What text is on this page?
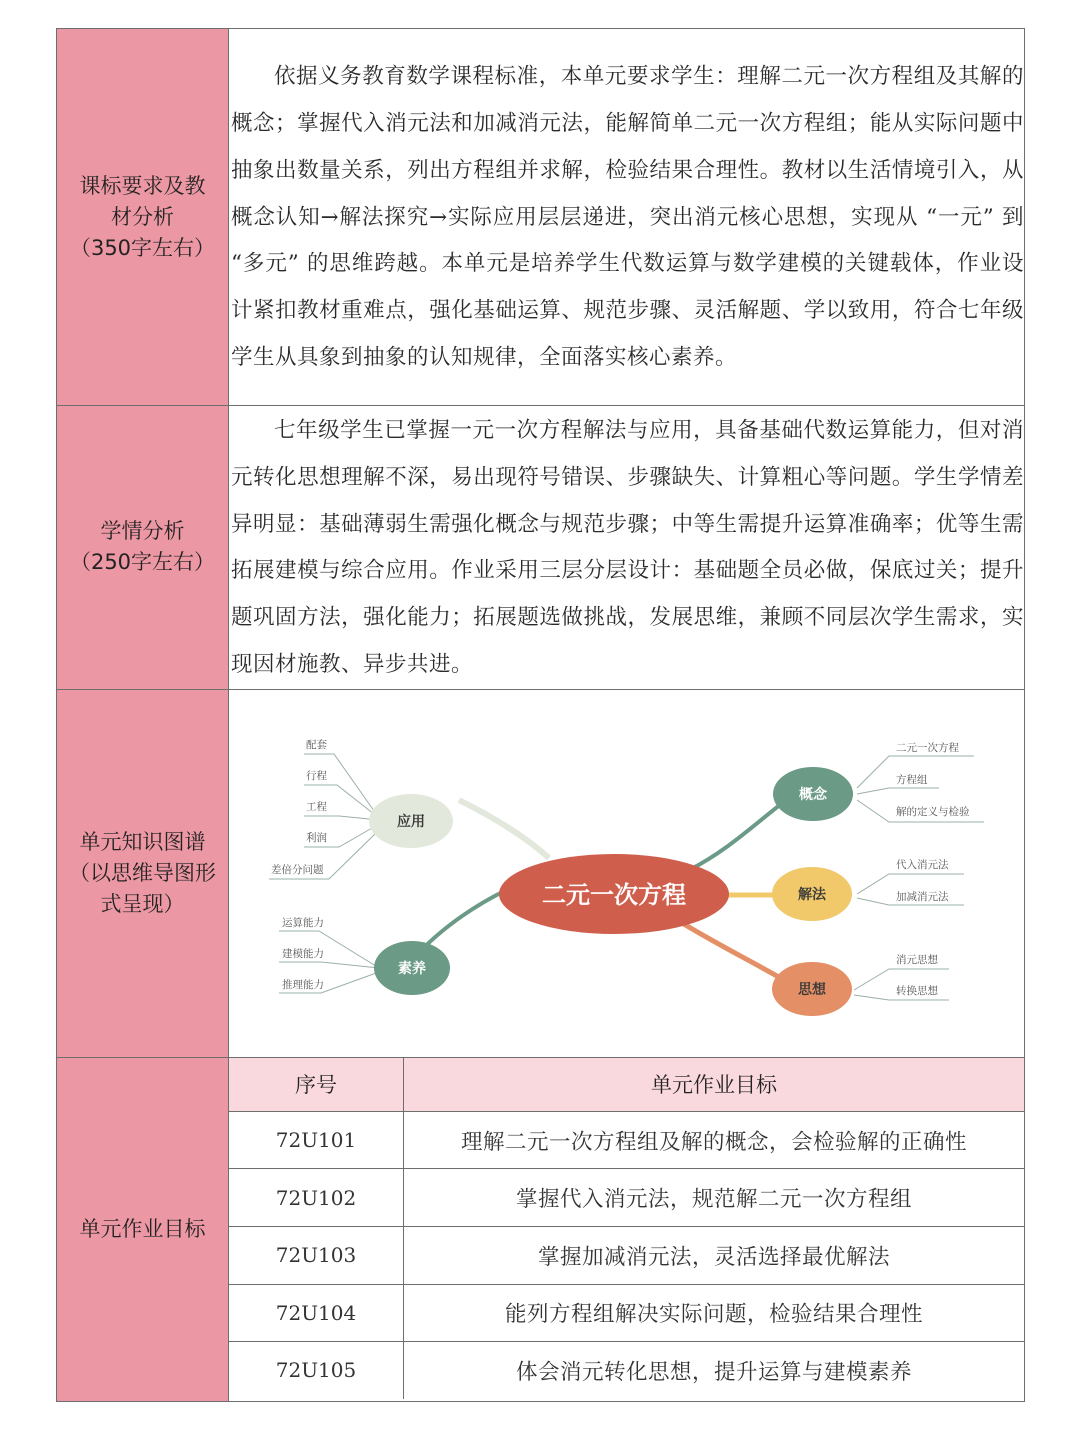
课标要求及教
材分析
（350字左右）

依据义务教育数学课程标准，本单元要求学生：理解二元一次方程组及其解的概念；掌握代入消元法和加减消元法，能解简单二元一次方程组；能从实际问题中抽象出数量关系，列出方程组并求解，检验结果合理性。教材以生活情境引入，从概念认知→解法探究→实际应用层层递进，突出消元核心思想，实现从 “一元” 到 “多元” 的思维跨越。本单元是培养学生代数运算与数学建模的关键载体，作业设计紧扣教材重难点，强化基础运算、规范步骤、灵活解题、学以致用，符合七年级学生从具象到抽象的认知规律，全面落实核心素养。

学情分析
（250字左右）

七年级学生已掌握一元一次方程解法与应用，具备基础代数运算能力，但对消元转化思想理解不深，易出现符号错误、步骤缺失、计算粗心等问题。学生学情差异明显：基础薄弱生需强化概念与规范步骤；中等生需提升运算准确率；优等生需拓展建模与综合应用。作业采用三层分层设计：基础题全员必做，保底过关；提升题巩固方法，强化能力；拓展题选做挑战，发展思维，兼顾不同层次学生需求，实现因材施教、异步共进。

单元知识图谱
（以思维导图形
式呈现）

配套
行程
工程
利润
差倍分问题
运算能力
建模能力
推理能力
二元一次方程
方程组
解的定义与检验
代入消元法
加减消元法
消元思想
转换思想
应用
素养
概念
解法
思想
二元一次方程

单元作业目标

序号	单元作业目标
72U101	理解二元一次方程组及解的概念，会检验解的正确性
72U102	掌握代入消元法，规范解二元一次方程组
72U103	掌握加减消元法，灵活选择最优解法
72U104	能列方程组解决实际问题，检验结果合理性
72U105	体会消元转化思想，提升运算与建模素养
